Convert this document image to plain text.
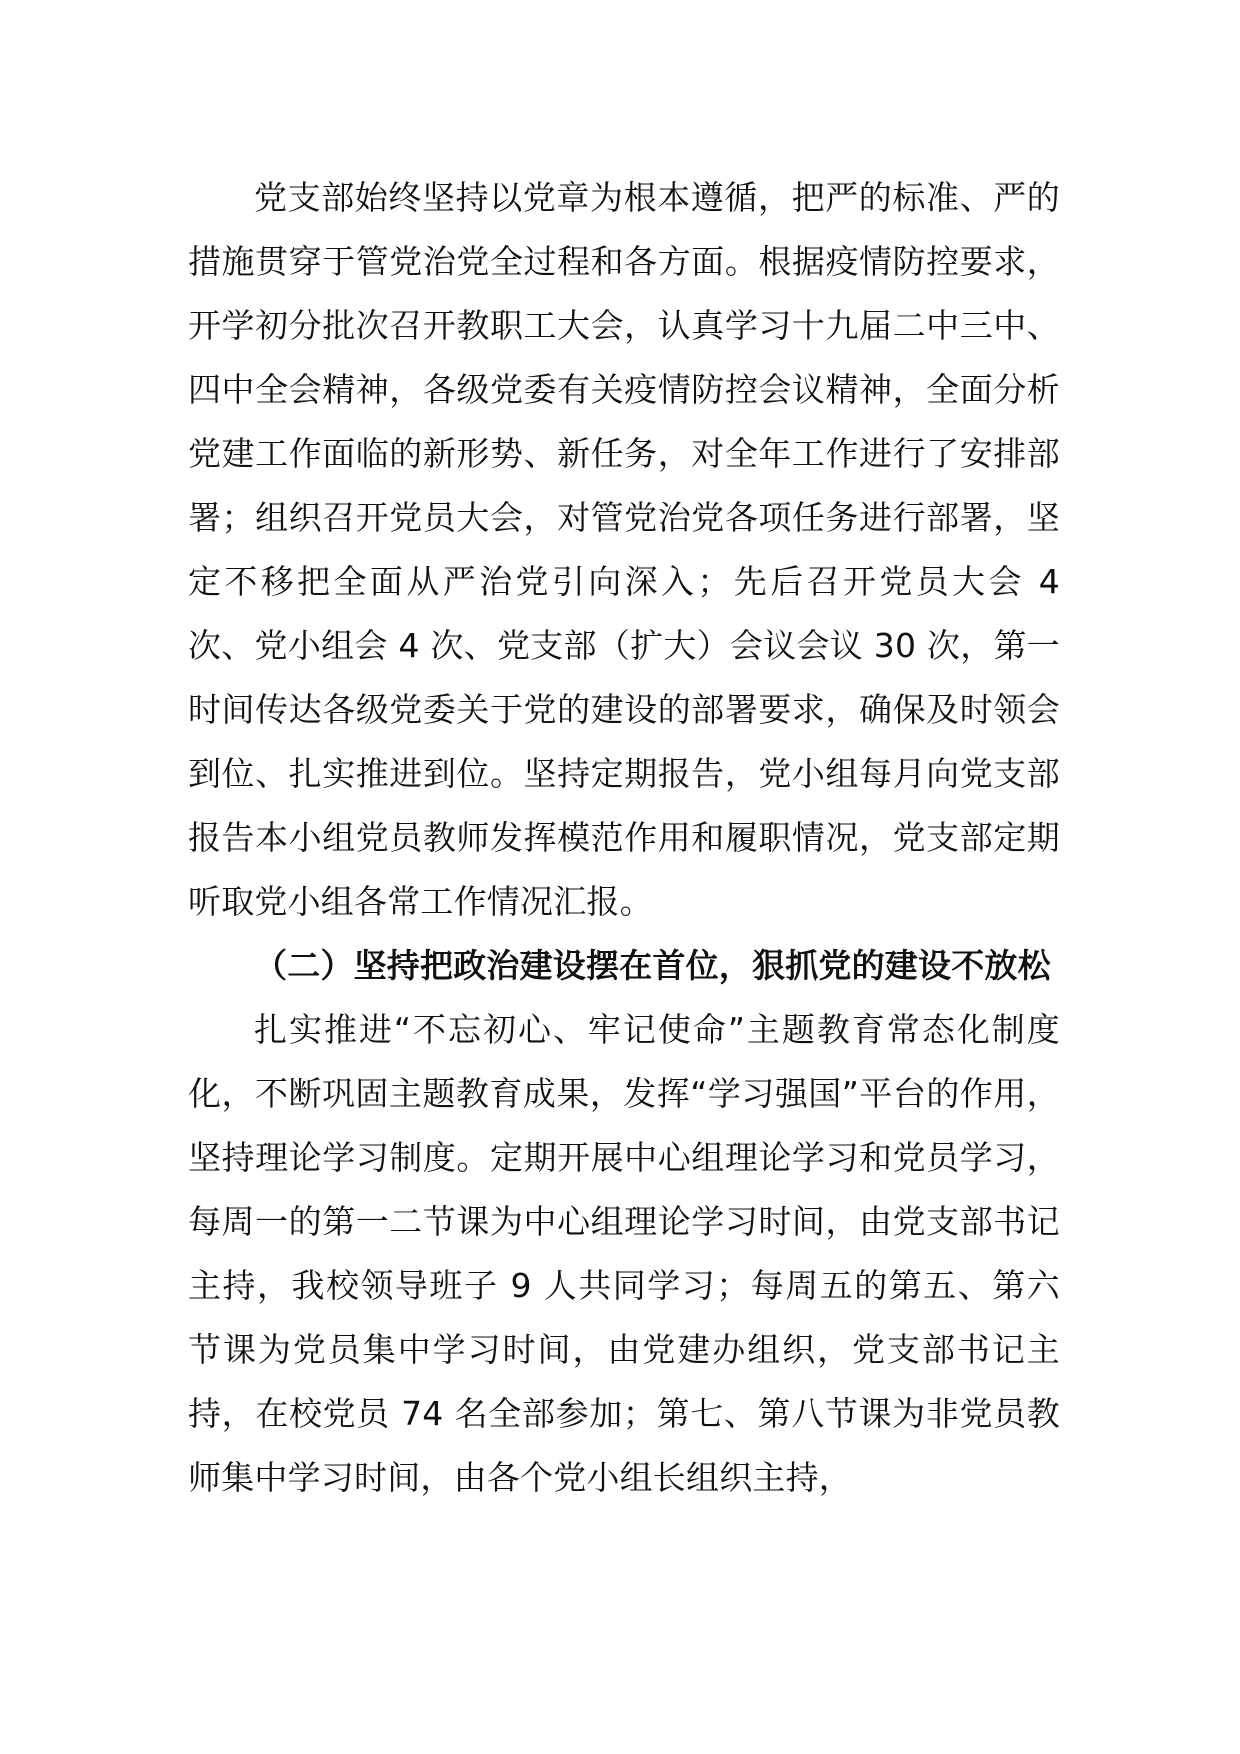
党支部始终坚持以党章为根本遵循，把严的标准、严的措施贯穿于管党治党全过程和各方面。根据疫情防控要求，开学初分批次召开教职工大会，认真学习十九届二中三中、四中全会精神，各级党委有关疫情防控会议精神，全面分析党建工作面临的新形势、新任务，对全年工作进行了安排部署；组织召开党员大会，对管党治党各项任务进行部署，坚定不移把全面从严治党引向深入；先后召开党员大会 4 次、党小组会 4 次、党支部（扩大）会议会议 30 次，第一时间传达各级党委关于党的建设的部署要求，确保及时领会到位、扎实推进到位。坚持定期报告，党小组每月向党支部报告本小组党员教师发挥模范作用和履职情况，党支部定期听取党小组各常工作情况汇报。

（二）坚持把政治建设摆在首位，狠抓党的建设不放松

扎实推进“不忘初心、牢记使命”主题教育常态化制度化，不断巩固主题教育成果，发挥“学习强国”平台的作用，坚持理论学习制度。定期开展中心组理论学习和党员学习，每周一的第一二节课为中心组理论学习时间，由党支部书记主持，我校领导班子 9 人共同学习；每周五的第五、第六节课为党员集中学习时间，由党建办组织，党支部书记主持，在校党员 74 名全部参加；第七、第八节课为非党员教师集中学习时间，由各个党小组长组织主持，
